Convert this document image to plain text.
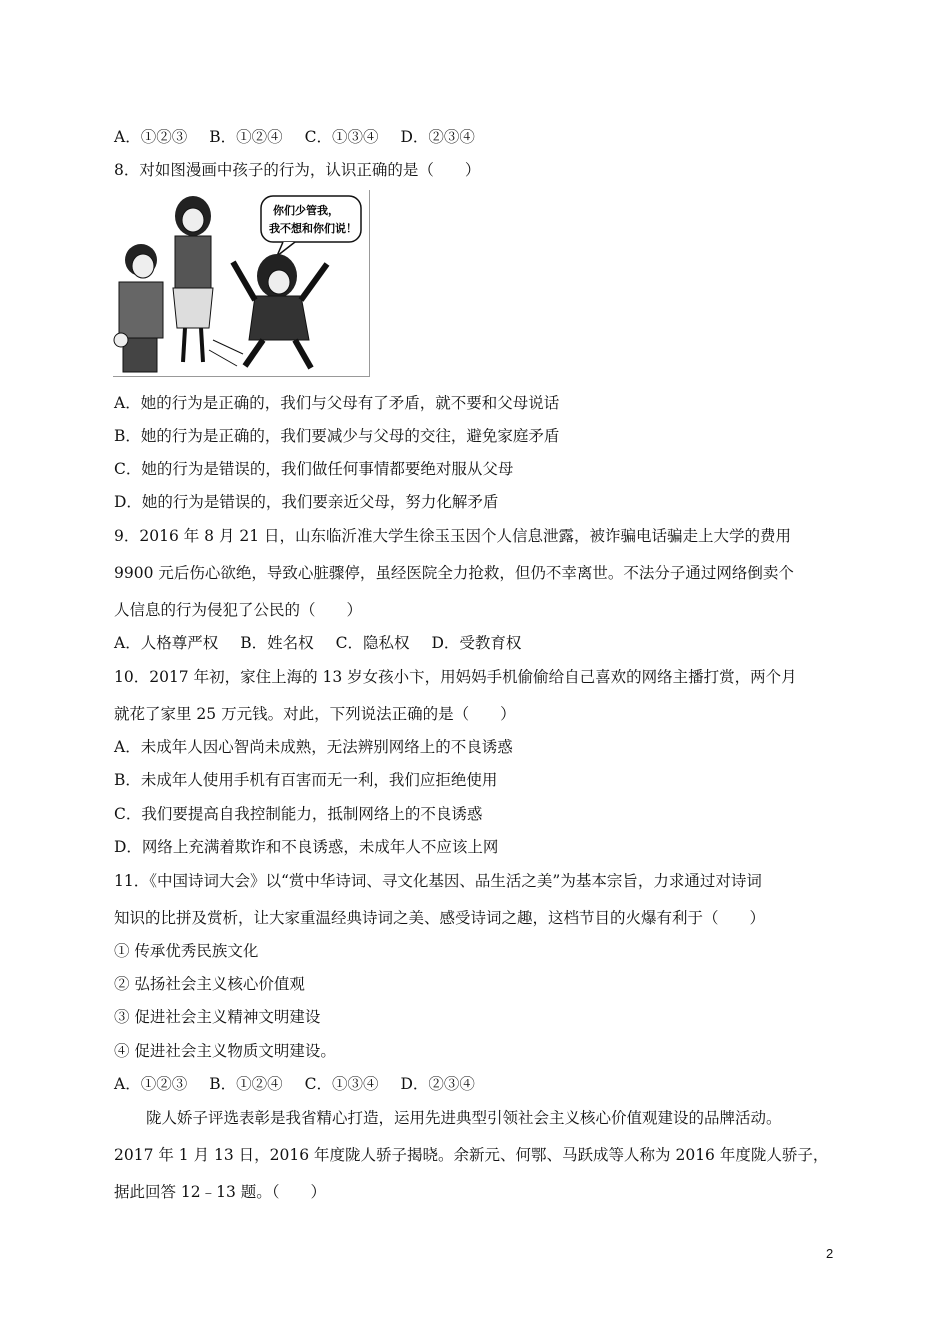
A．①②③ B．①②④ C．①③④ D．②③④
8．对如图漫画中孩子的行为，认识正确的是（　　）
你们少管我，
我不想和你们说！
A．她的行为是正确的，我们与父母有了矛盾，就不要和父母说话
B．她的行为是正确的，我们要减少与父母的交往，避免家庭矛盾
C．她的行为是错误的，我们做任何事情都要绝对服从父母
D．她的行为是错误的，我们要亲近父母，努力化解矛盾
9．2016 年 8 月 21 日，山东临沂准大学生徐玉玉因个人信息泄露，被诈骗电话骗走上大学的费用
9900 元后伤心欲绝，导致心脏骤停，虽经医院全力抢救，但仍不幸离世。不法分子通过网络倒卖个
人信息的行为侵犯了公民的（　　）
A．人格尊严权 B．姓名权 C．隐私权 D．受教育权
10．2017 年初，家住上海的 13 岁女孩小卞，用妈妈手机偷偷给自己喜欢的网络主播打赏，两个月
就花了家里 25 万元钱。对此，下列说法正确的是（　　）
A．未成年人因心智尚未成熟，无法辨别网络上的不良诱惑
B．未成年人使用手机有百害而无一利，我们应拒绝使用
C．我们要提高自我控制能力，抵制网络上的不良诱惑
D．网络上充满着欺诈和不良诱惑，未成年人不应该上网
11．《中国诗词大会》以“赏中华诗词、寻文化基因、品生活之美”为基本宗旨，力求通过对诗词
知识的比拼及赏析，让大家重温经典诗词之美、感受诗词之趣，这档节目的火爆有利于（　　）
① 传承优秀民族文化
② 弘扬社会主义核心价值观
③ 促进社会主义精神文明建设
④ 促进社会主义物质文明建设。
A．①②③ B．①②④ C．①③④ D．②③④
陇人娇子评选表彰是我省精心打造，运用先进典型引领社会主义核心价值观建设的品牌活动。
2017 年 1 月 13 日，2016 年度陇人骄子揭晓。余新元、何鄂、马跃成等人称为 2016 年度陇人骄子，
据此回答 12﹣13 题。（　　）
2
